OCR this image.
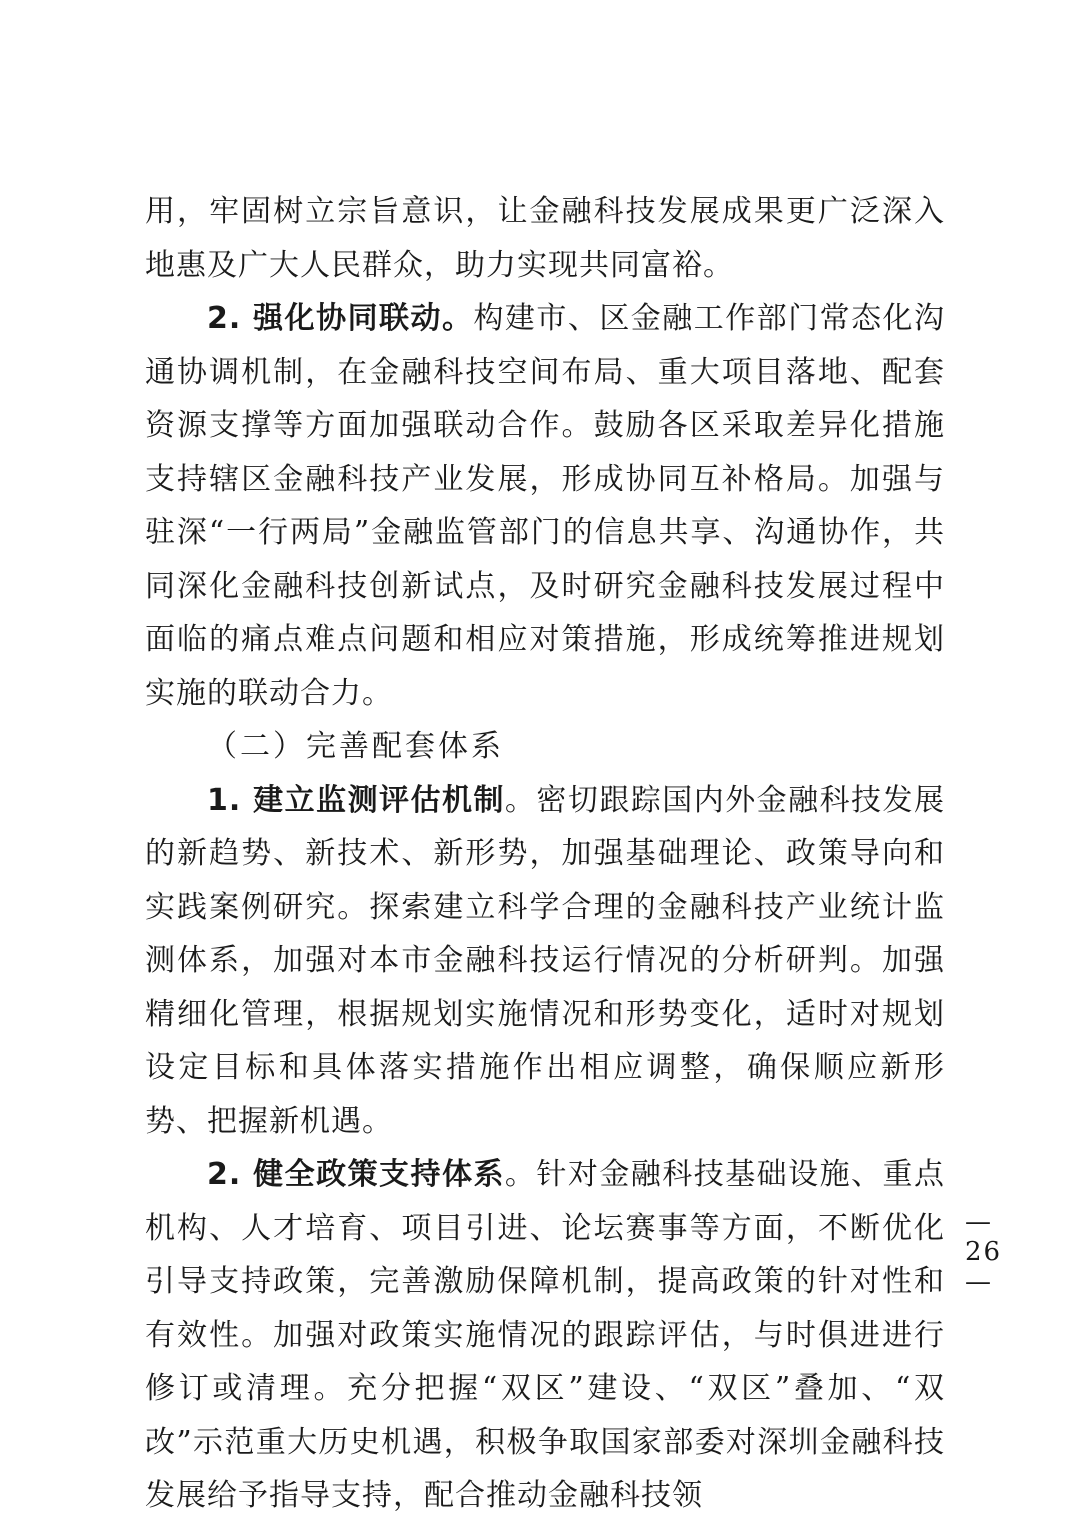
用，牢固树立宗旨意识，让金融科技发展成果更广泛深入地惠及广大人民群众，助力实现共同富裕。

2. 强化协同联动。构建市、区金融工作部门常态化沟通协调机制，在金融科技空间布局、重大项目落地、配套资源支撑等方面加强联动合作。鼓励各区采取差异化措施支持辖区金融科技产业发展，形成协同互补格局。加强与驻深“一行两局”金融监管部门的信息共享、沟通协作，共同深化金融科技创新试点，及时研究金融科技发展过程中面临的痛点难点问题和相应对策措施，形成统筹推进规划实施的联动合力。

（二）完善配套体系

1. 建立监测评估机制。密切跟踪国内外金融科技发展的新趋势、新技术、新形势，加强基础理论、政策导向和实践案例研究。探索建立科学合理的金融科技产业统计监测体系，加强对本市金融科技运行情况的分析研判。加强精细化管理，根据规划实施情况和形势变化，适时对规划设定目标和具体落实措施作出相应调整，确保顺应新形势、把握新机遇。

2. 健全政策支持体系。针对金融科技基础设施、重点机构、人才培育、项目引进、论坛赛事等方面，不断优化引导支持政策，完善激励保障机制，提高政策的针对性和有效性。加强对政策实施情况的跟踪评估，与时俱进进行修订或清理。充分把握“双区”建设、“双区”叠加、“双改”示范重大历史机遇，积极争取国家部委对深圳金融科技发展给予指导支持，配合推动金融科技领

— 26 —
